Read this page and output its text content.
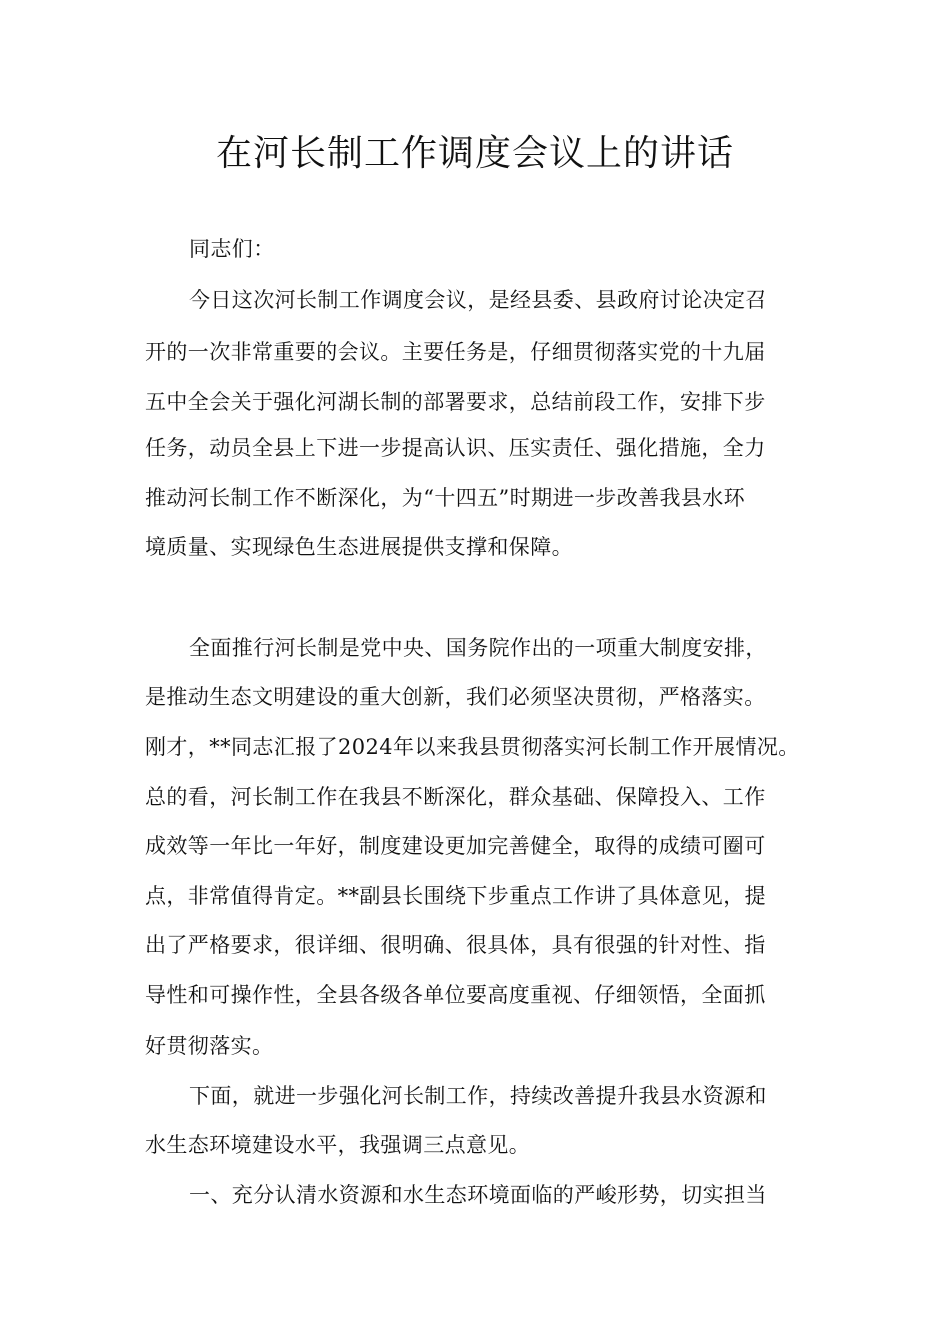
在河长制工作调度会议上的讲话
同志们：
今日这次河长制工作调度会议，是经县委、县政府讨论决定召
开的一次非常重要的会议。主要任务是，仔细贯彻落实党的十九届
五中全会关于强化河湖长制的部署要求，总结前段工作，安排下步
任务，动员全县上下进一步提高认识、压实责任、强化措施，全力
推动河长制工作不断深化，为“十四五”时期进一步改善我县水环
境质量、实现绿色生态进展提供支撑和保障。
全面推行河长制是党中央、国务院作出的一项重大制度安排，
是推动生态文明建设的重大创新，我们必须坚决贯彻，严格落实。
刚才，**同志汇报了2024年以来我县贯彻落实河长制工作开展情况。
总的看，河长制工作在我县不断深化，群众基础、保障投入、工作
成效等一年比一年好，制度建设更加完善健全，取得的成绩可圈可
点，非常值得肯定。**副县长围绕下步重点工作讲了具体意见，提
出了严格要求，很详细、很明确、很具体，具有很强的针对性、指
导性和可操作性，全县各级各单位要高度重视、仔细领悟，全面抓
好贯彻落实。
下面，就进一步强化河长制工作，持续改善提升我县水资源和
水生态环境建设水平，我强调三点意见。
一、充分认清水资源和水生态环境面临的严峻形势，切实担当
